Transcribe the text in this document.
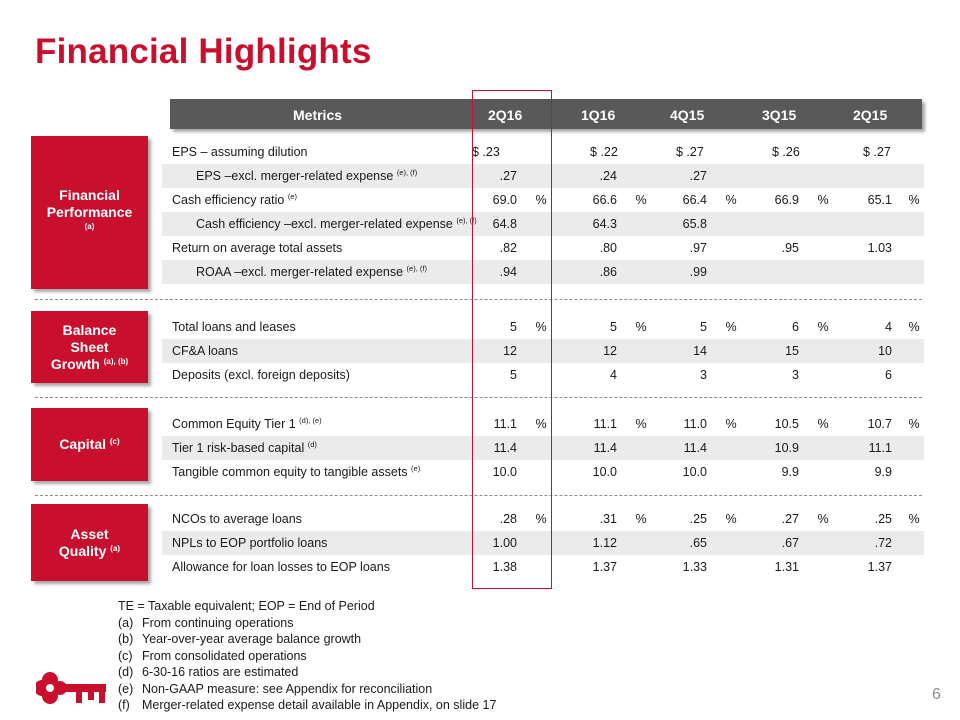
Financial Highlights
Metrics	2Q16	1Q16	4Q15	3Q15	2Q15
Financial Performance $^{(a)}$
EPS – assuming dilution	$ .23	$ .22	$ .27	$ .26	$ .27
EPS –excl. merger-related expense $^{(e), (f)}$	.27	.24	.27
Cash efficiency ratio $^{(e)}$	69.0 %	66.6 %	66.4 %	66.9 %	65.1 %
Cash efficiency –excl. merger-related expense $^{(e), (f)}$	64.8	64.3	65.8
Return on average total assets	.82	.80	.97	.95	1.03
ROAA –excl. merger-related expense $^{(e), (f)}$	.94	.86	.99
Balance Sheet Growth $^{(a), (b)}$
Total loans and leases	5 %	5 %	5 %	6 %	4 %
CF&A loans	12	12	14	15	10
Deposits (excl. foreign deposits)	5	4	3	3	6
Capital $^{(c)}$
Common Equity Tier 1 $^{(d), (e)}$	11.1 %	11.1 %	11.0 %	10.5 %	10.7 %
Tier 1 risk-based capital $^{(d)}$	11.4	11.4	11.4	10.9	11.1
Tangible common equity to tangible assets $^{(e)}$	10.0	10.0	10.0	9.9	9.9
Asset Quality $^{(a)}$
NCOs to average loans	.28 %	.31 %	.25 %	.27 %	.25 %
NPLs to EOP portfolio loans	1.00	1.12	.65	.67	.72
Allowance for loan losses to EOP loans	1.38	1.37	1.33	1.31	1.37
TE = Taxable equivalent; EOP = End of Period
(a) From continuing operations
(b) Year-over-year average balance growth
(c) From consolidated operations
(d) 6-30-16 ratios are estimated
(e) Non-GAAP measure: see Appendix for reconciliation
(f) Merger-related expense detail available in Appendix, on slide 17
6
